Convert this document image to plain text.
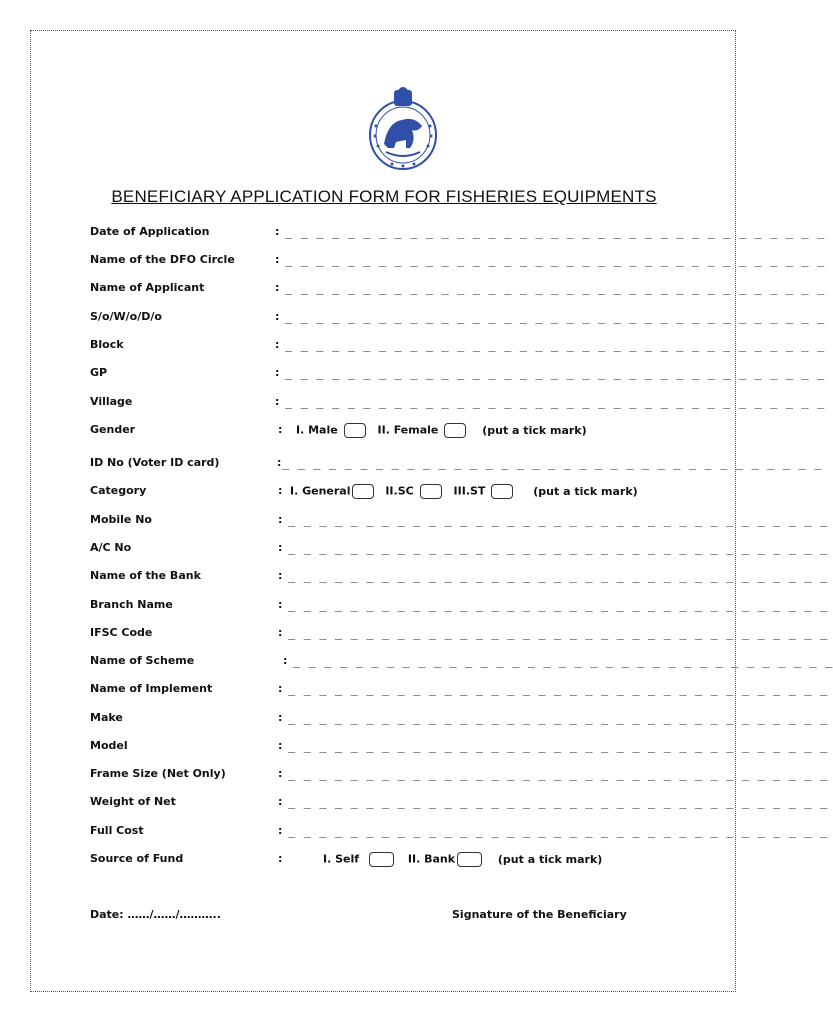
BENEFICIARY APPLICATION FORM FOR FISHERIES EQUIPMENTS
Date of Application	: _ _ _ _ _ _ _ _ _ _ _ _ _ _ _ _ _ _ _ _ _ _ _ _ _ _ _ _ _ _ _ _ _ _ _
Name of the DFO Circle	: _ _ _ _ _ _ _ _ _ _ _ _ _ _ _ _ _ _ _ _ _ _ _ _ _ _ _ _ _ _ _ _ _ _ _
Name of Applicant	: _ _ _ _ _ _ _ _ _ _ _ _ _ _ _ _ _ _ _ _ _ _ _ _ _ _ _ _ _ _ _ _ _ _ _
S/o/W/o/D/o	: _ _ _ _ _ _ _ _ _ _ _ _ _ _ _ _ _ _ _ _ _ _ _ _ _ _ _ _ _ _ _ _ _ _ _
Block	: _ _ _ _ _ _ _ _ _ _ _ _ _ _ _ _ _ _ _ _ _ _ _ _ _ _ _ _ _ _ _ _ _ _ _
GP	: _ _ _ _ _ _ _ _ _ _ _ _ _ _ _ _ _ _ _ _ _ _ _ _ _ _ _ _ _ _ _ _ _ _ _
Village	: _ _ _ _ _ _ _ _ _ _ _ _ _ _ _ _ _ _ _ _ _ _ _ _ _ _ _ _ _ _ _ _ _ _ _
Gender	: I. Male	II. Female	(put a tick mark)
ID No (Voter ID card)	: _ _ _ _ _ _ _ _ _ _ _ _ _ _ _ _ _ _ _ _ _ _ _ _ _ _ _ _ _ _ _ _ _ _ _
Category	: I. General	II.SC	III.ST	(put a tick mark)
Mobile No	: _ _ _ _ _ _ _ _ _ _ _ _ _ _ _ _ _ _ _ _ _ _ _ _ _ _ _ _ _ _ _ _ _ _ _
A/C No	: _ _ _ _ _ _ _ _ _ _ _ _ _ _ _ _ _ _ _ _ _ _ _ _ _ _ _ _ _ _ _ _ _ _ _
Name of the Bank	: _ _ _ _ _ _ _ _ _ _ _ _ _ _ _ _ _ _ _ _ _ _ _ _ _ _ _ _ _ _ _ _ _ _ _
Branch Name	: _ _ _ _ _ _ _ _ _ _ _ _ _ _ _ _ _ _ _ _ _ _ _ _ _ _ _ _ _ _ _ _ _ _ _
IFSC Code	: _ _ _ _ _ _ _ _ _ _ _ _ _ _ _ _ _ _ _ _ _ _ _ _ _ _ _ _ _ _ _ _ _ _ _
Name of Scheme	: _ _ _ _ _ _ _ _ _ _ _ _ _ _ _ _ _ _ _ _ _ _ _ _ _ _ _ _ _ _ _ _ _ _ _
Name of Implement	: _ _ _ _ _ _ _ _ _ _ _ _ _ _ _ _ _ _ _ _ _ _ _ _ _ _ _ _ _ _ _ _ _ _ _
Make	: _ _ _ _ _ _ _ _ _ _ _ _ _ _ _ _ _ _ _ _ _ _ _ _ _ _ _ _ _ _ _ _ _ _ _
Model	: _ _ _ _ _ _ _ _ _ _ _ _ _ _ _ _ _ _ _ _ _ _ _ _ _ _ _ _ _ _ _ _ _ _ _
Frame Size (Net Only)	: _ _ _ _ _ _ _ _ _ _ _ _ _ _ _ _ _ _ _ _ _ _ _ _ _ _ _ _ _ _ _ _ _ _ _
Weight of Net	: _ _ _ _ _ _ _ _ _ _ _ _ _ _ _ _ _ _ _ _ _ _ _ _ _ _ _ _ _ _ _ _ _ _ _
Full Cost	: _ _ _ _ _ _ _ _ _ _ _ _ _ _ _ _ _ _ _ _ _ _ _ _ _ _ _ _ _ _ _ _ _ _ _
Source of Fund	:	I. Self	II. Bank	(put a tick mark)
Date: ……/……/………..	Signature of the Beneficiary
